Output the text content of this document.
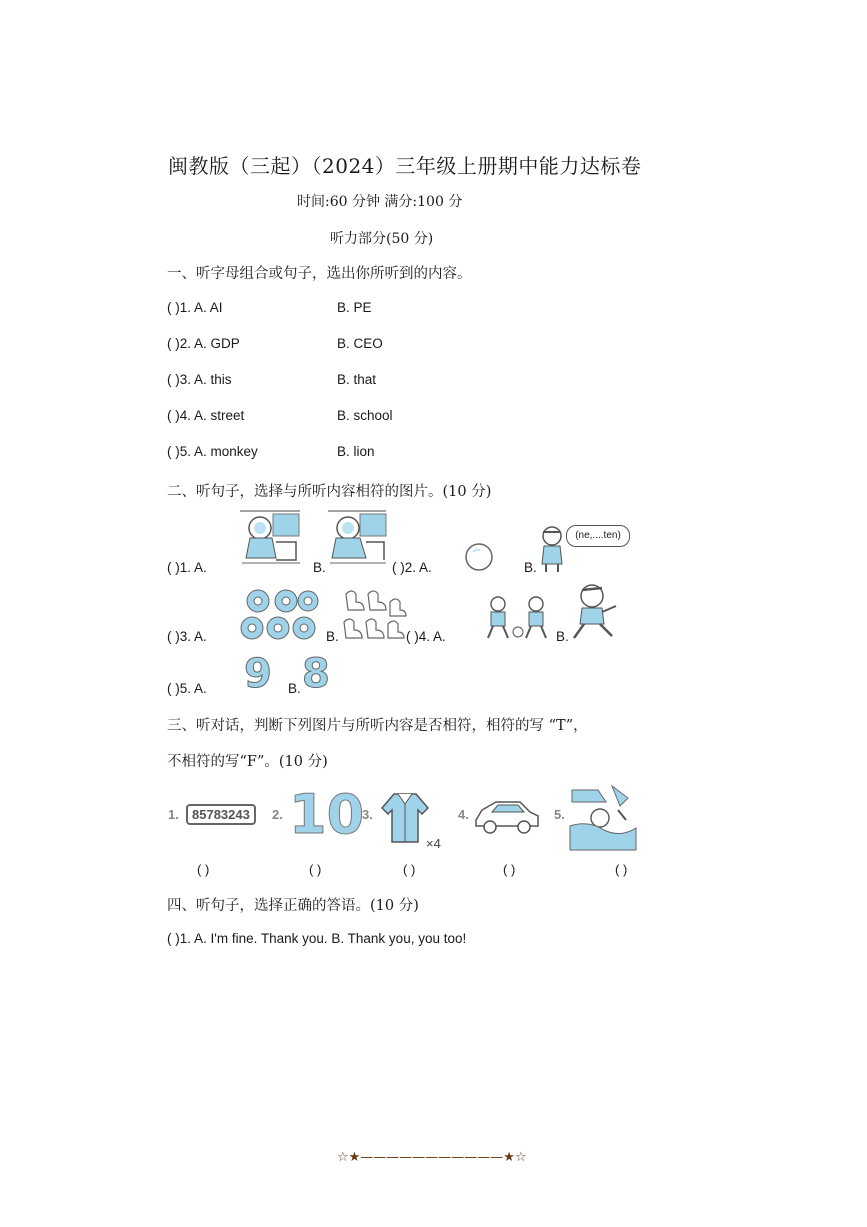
闽教版（三起）（2024）三年级上册期中能力达标卷
时间:60 分钟 满分:100 分
听力部分(50 分)
一、听字母组合或句子，选出你所听到的内容。
( )1. A. AI	B. PE
( )2. A. GDP	B. CEO
( )3. A. this	B. that
( )4. A. street	B. school
( )5. A. monkey	B. lion
二、听句子，选择与所听内容相符的图片。(10 分)
( )1. A.	B.	( )2. A.	B.
(ne,....ten)
( )3. A.	B.	( )4. A.	B.
( )5. A. 9 B. 8
三、听对话，判断下列图片与所听内容是否相符，相符的写 “T”，
不相符的写“F”。(10 分)
1.	85783243	2. 10
3.
×4
4.	5.
( )	( )	( )	( )	( )
四、听句子，选择正确的答语。(10 分)
( )1. A. I'm fine. Thank you. B. Thank you, you too!
☆★———————————★☆
